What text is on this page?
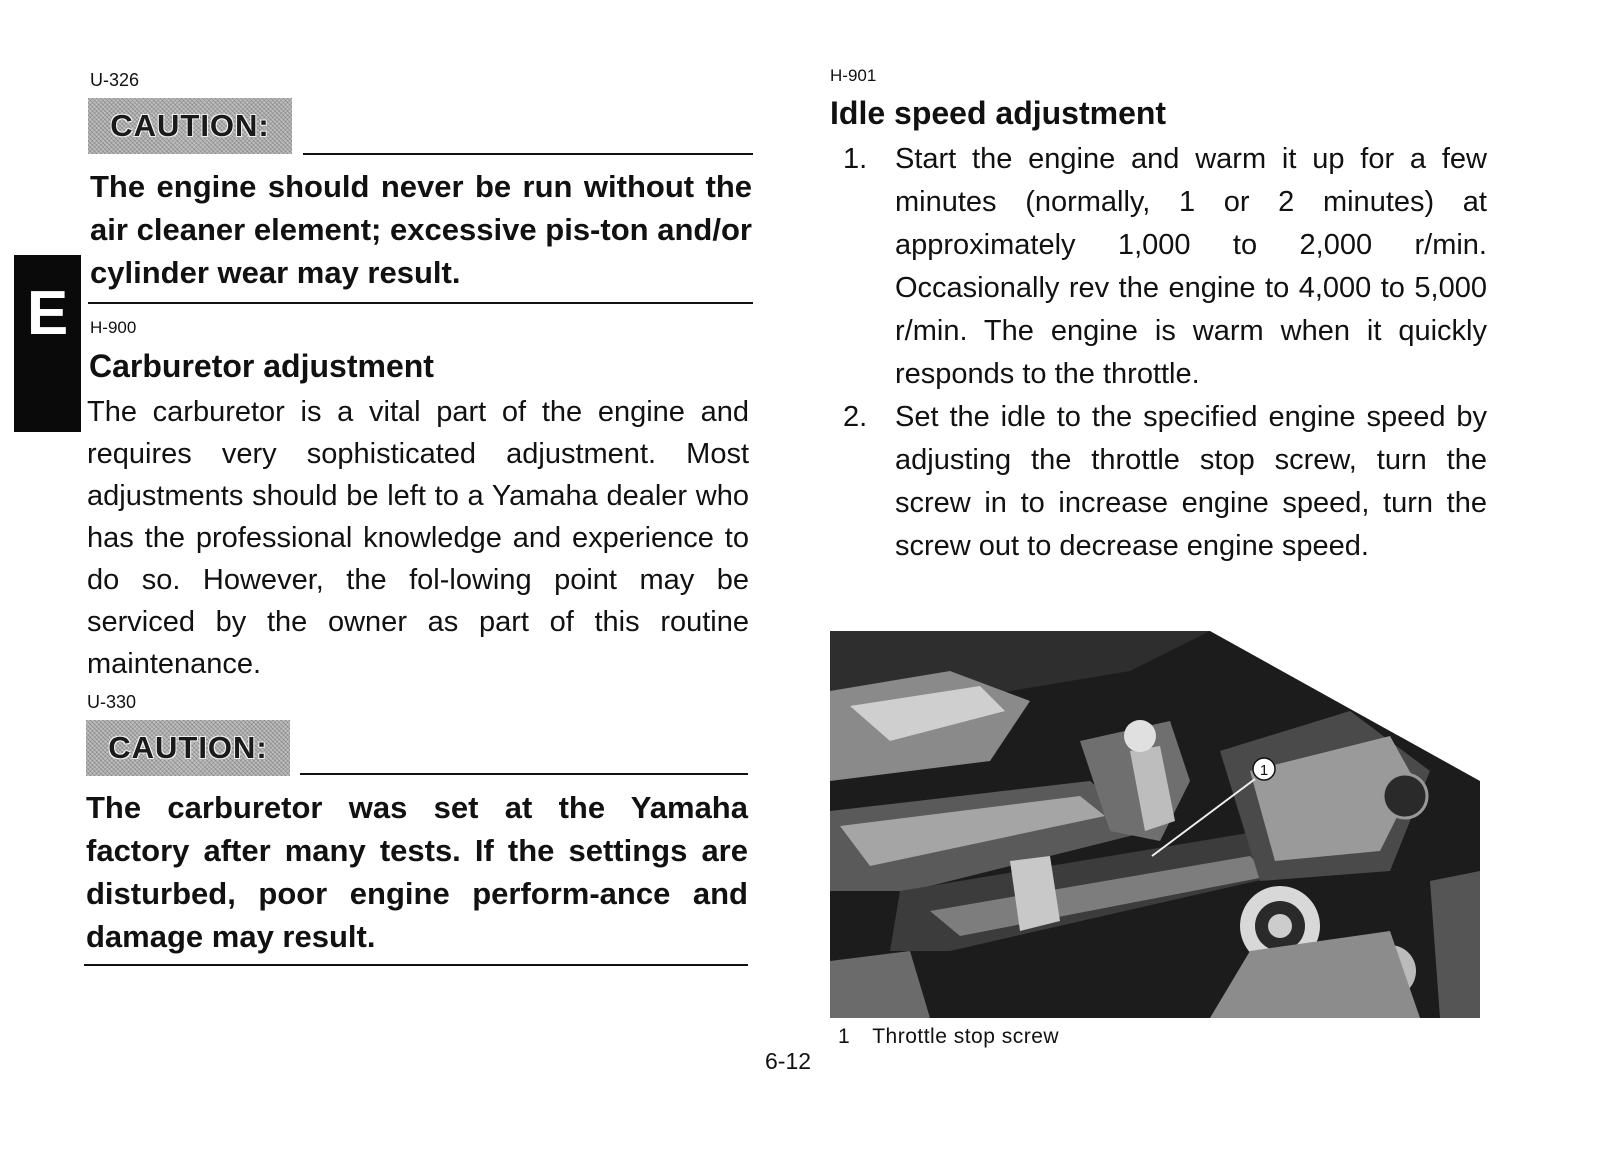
U-326
CAUTION:

The engine should never be run without the air cleaner element; excessive pis-ton and/or cylinder wear may result.

E H-900
Carburetor adjustment

The carburetor is a vital part of the engine and requires very sophisticated adjustment. Most adjustments should be left to a Yamaha dealer who has the professional knowledge and experience to do so. However, the fol-lowing point may be serviced by the owner as part of this routine maintenance.

U-330
CAUTION:

The carburetor was set at the Yamaha factory after many tests. If the settings are disturbed, poor engine perform-ance and damage may result.

H-901
Idle speed adjustment
1. Start the engine and warm it up for a few minutes (normally, 1 or 2 minutes) at approximately 1,000 to 2,000 r/min. Occasionally rev the engine to 4,000 to 5,000 r/min. The engine is warm when it quickly responds to the throttle.
2. Set the idle to the specified engine speed by adjusting the throttle stop screw, turn the screw in to increase engine speed, turn the screw out to decrease engine speed.
1
1 Throttle stop screw
6-12
